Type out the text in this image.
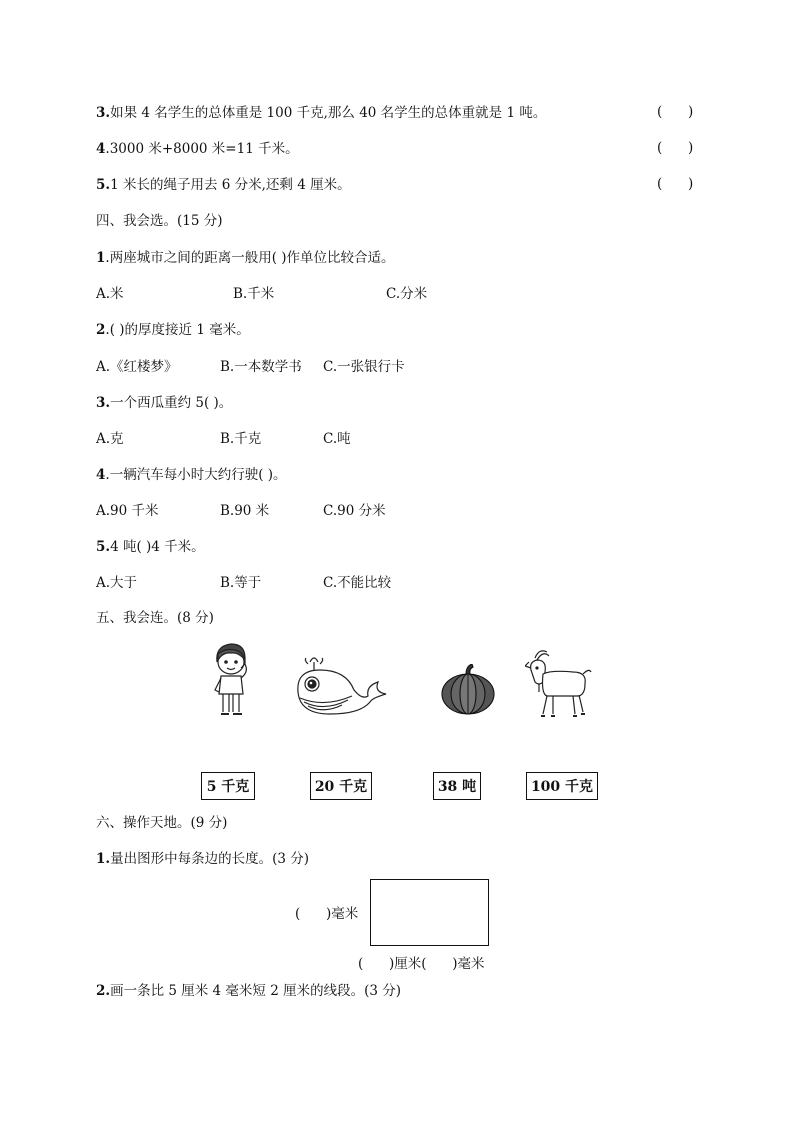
3.如果 4 名学生的总体重是 100 千克,那么 40 名学生的总体重就是 1 吨。	(      )
4.3000 米+8000 米=11 千米。	(      )
5.1 米长的绳子用去 6 分米,还剩 4 厘米。	(      )
四、我会选。(15 分)
1.两座城市之间的距离一般用( )作单位比较合适。
A.米	B.千米	C.分米
2.( )的厚度接近 1 毫米。
A.《红楼梦》	B.一本数学书 C.一张银行卡
3.一个西瓜重约 5( )。
A.克	B.千克	C.吨
4.一辆汽车每小时大约行驶( )。
A.90 千米	B.90 米	C.90 分米
5.4 吨( )4 千米。
A.大于	B.等于	C.不能比较
五、我会连。(8 分)
5 千克	20 千克	38 吨	100 千克
六、操作天地。(9 分)
1.量出图形中每条边的长度。(3 分)
(      )毫米
(      )厘米(      )毫米
2.画一条比 5 厘米 4 毫米短 2 厘米的线段。(3 分)
